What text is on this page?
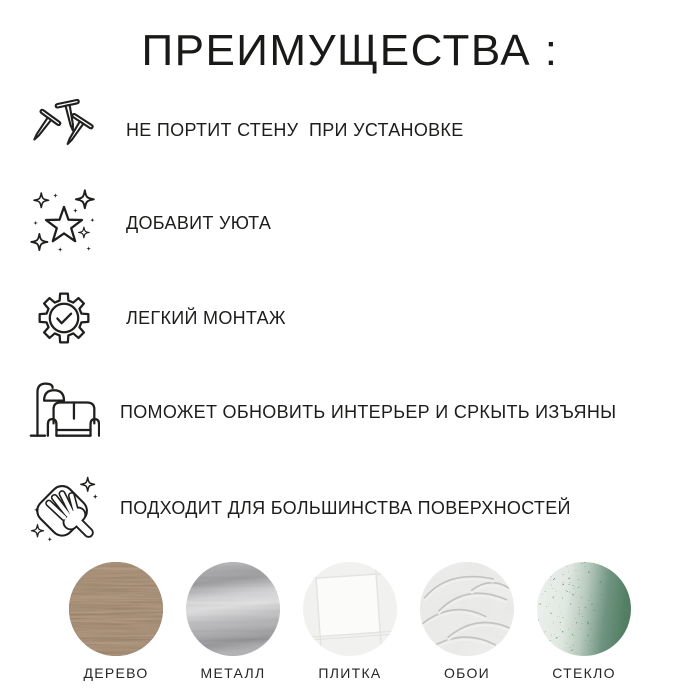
ПРЕИМУЩЕСТВА :
НЕ ПОРТИТ СТЕНУ  ПРИ УСТАНОВКЕ
ДОБАВИТ УЮТА
ЛЕГКИЙ МОНТАЖ
ПОМОЖЕТ ОБНОВИТЬ ИНТЕРЬЕР И СРКЫТЬ ИЗЪЯНЫ
ПОДХОДИТ ДЛЯ БОЛЬШИНСТВА ПОВЕРХНОСТЕЙ
ДЕРЕВО	МЕТАЛЛ	ПЛИТКА	ОБОИ	СТЕКЛО
